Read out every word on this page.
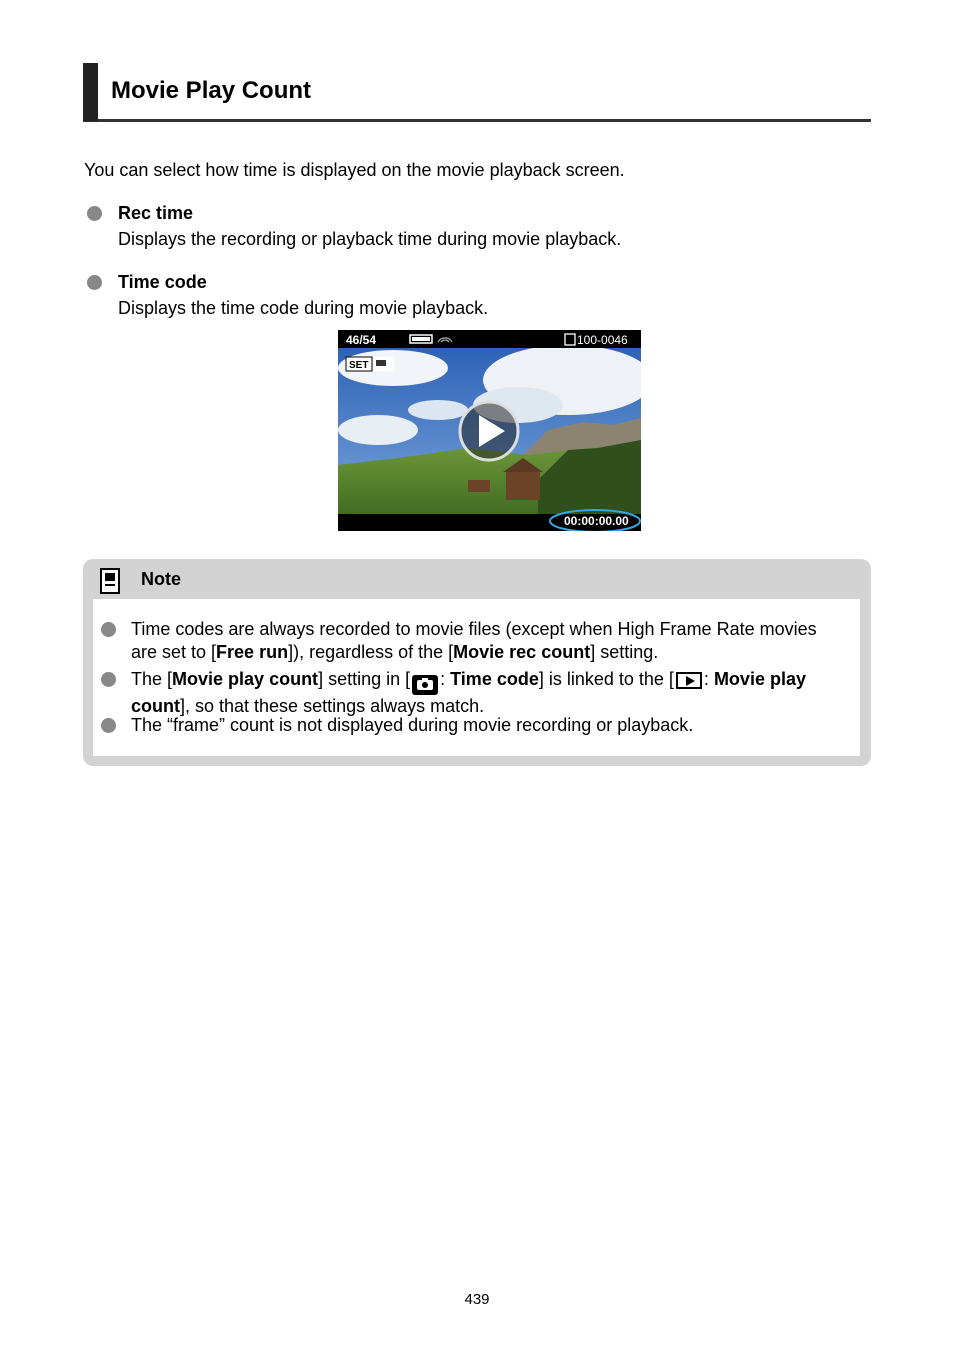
Movie Play Count
You can select how time is displayed on the movie playback screen.
Rec time
Displays the recording or playback time during movie playback.
Time code
Displays the time code during movie playback.
46/54	100-0046
SET
00:00:00.00
Note
Time codes are always recorded to movie files (except when High Frame Rate movies are set to [Free run]), regardless of the [Movie rec count] setting.
The [Movie play count] setting in [ : Time code] is linked to the [ : Movie play count], so that these settings always match.
The “frame” count is not displayed during movie recording or playback.
439
